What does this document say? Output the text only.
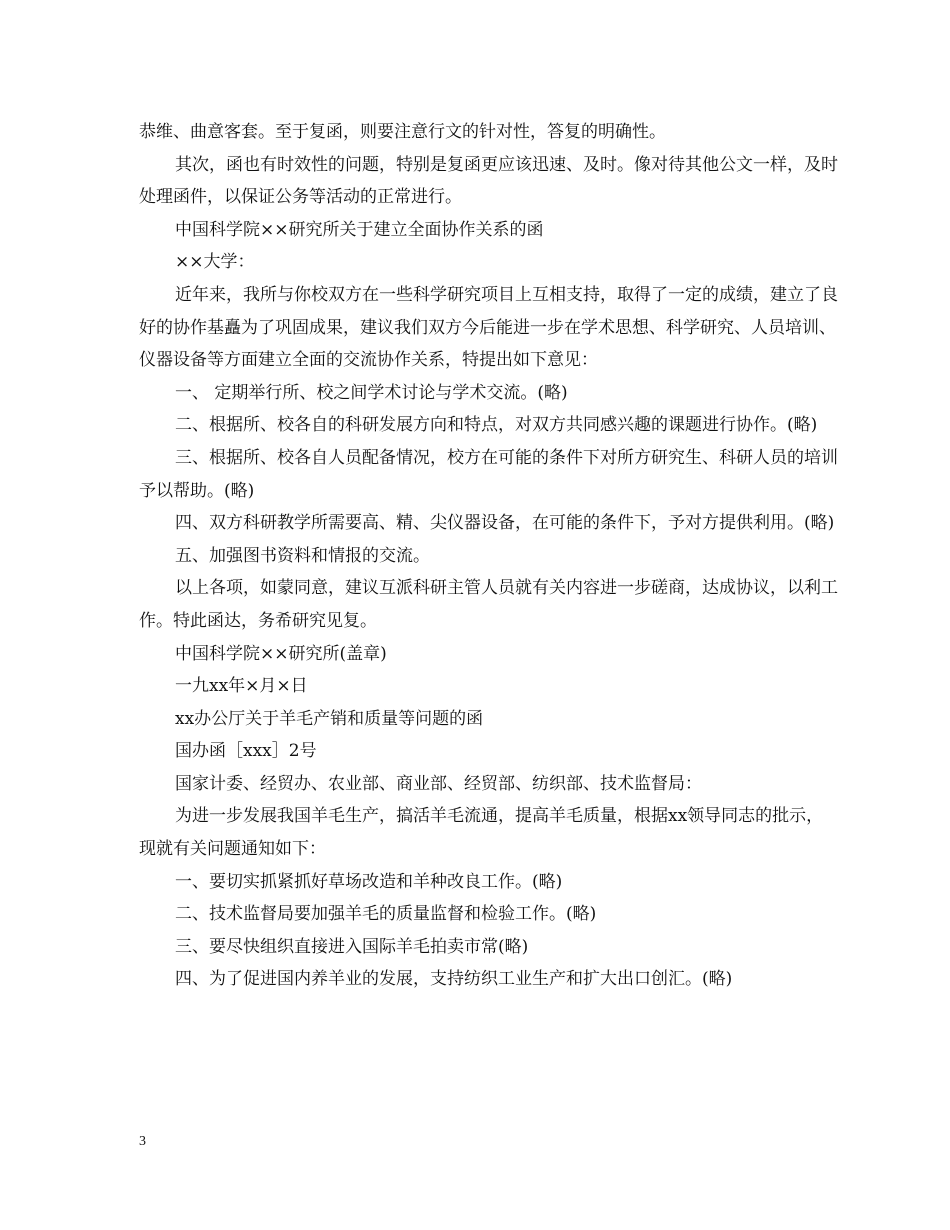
恭维、曲意客套。至于复函，则要注意行文的针对性，答复的明确性。

其次，函也有时效性的问题，特别是复函更应该迅速、及时。像对待其他公文一样，及时处理函件，以保证公务等活动的正常进行。

中国科学院××研究所关于建立全面协作关系的函

××大学：

近年来，我所与你校双方在一些科学研究项目上互相支持，取得了一定的成绩，建立了良好的协作基矗为了巩固成果，建议我们双方今后能进一步在学术思想、科学研究、人员培训、仪器设备等方面建立全面的交流协作关系，特提出如下意见：

一、 定期举行所、校之间学术讨论与学术交流。(略)

二、根据所、校各自的科研发展方向和特点，对双方共同感兴趣的课题进行协作。(略)

三、根据所、校各自人员配备情况，校方在可能的条件下对所方研究生、科研人员的培训予以帮助。(略)

四、双方科研教学所需要高、精、尖仪器设备，在可能的条件下，予对方提供利用。(略)

五、加强图书资料和情报的交流。

以上各项，如蒙同意，建议互派科研主管人员就有关内容进一步磋商，达成协议，以利工作。特此函达，务希研究见复。

中国科学院××研究所(盖章)

一九xx年×月×日

xx办公厅关于羊毛产销和质量等问题的函

国办函［xxx］2号

国家计委、经贸办、农业部、商业部、经贸部、纺织部、技术监督局：

为进一步发展我国羊毛生产，搞活羊毛流通，提高羊毛质量，根据xx领导同志的批示，现就有关问题通知如下：

一、要切实抓紧抓好草场改造和羊种改良工作。(略)

二、技术监督局要加强羊毛的质量监督和检验工作。(略)

三、要尽快组织直接进入国际羊毛拍卖市常(略)

四、为了促进国内养羊业的发展，支持纺织工业生产和扩大出口创汇。(略)

3
